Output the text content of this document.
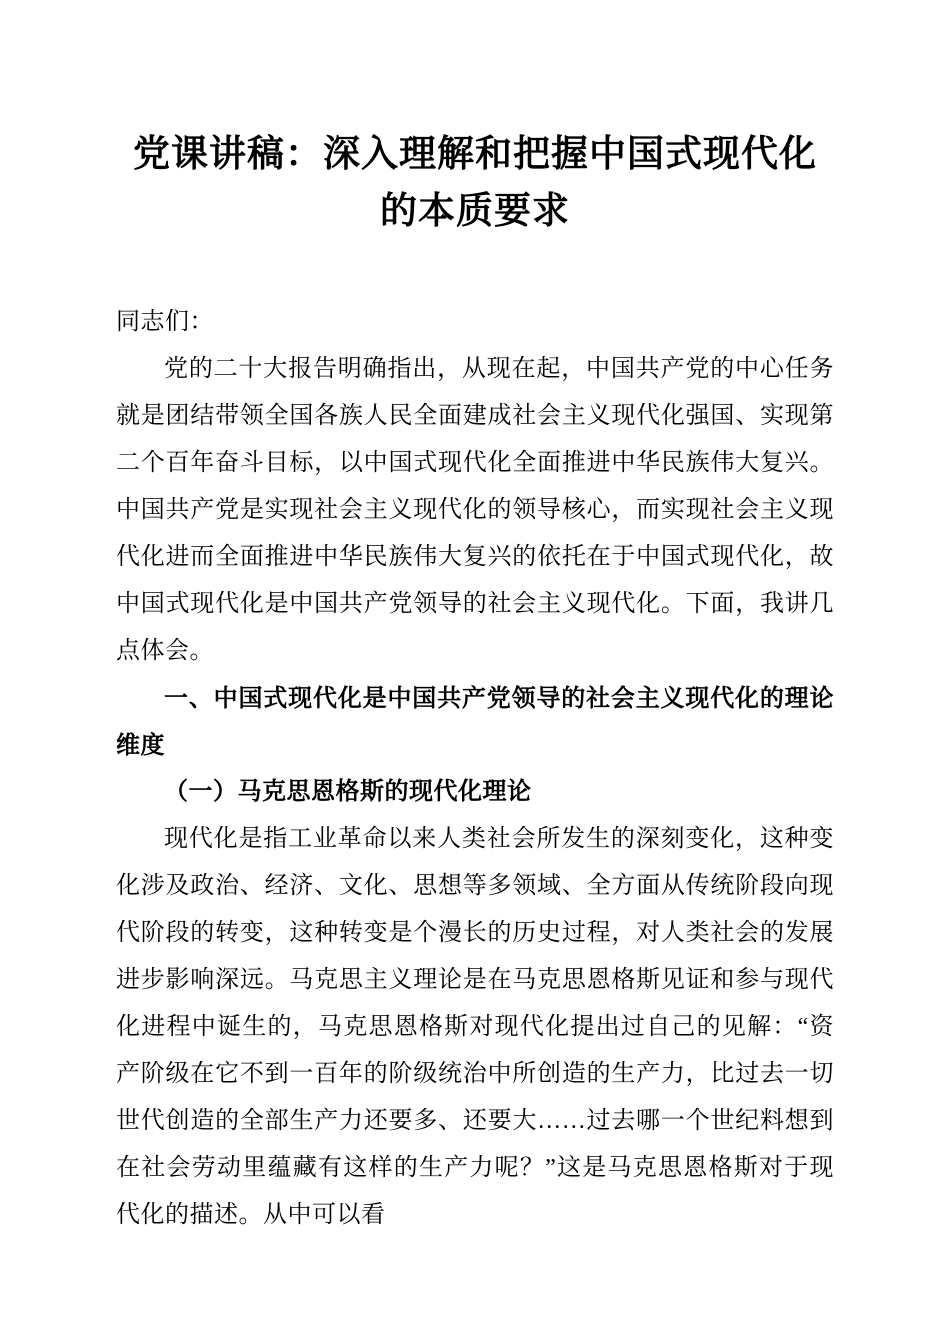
党课讲稿：深入理解和把握中国式现代化的本质要求

同志们：

党的二十大报告明确指出，从现在起，中国共产党的中心任务就是团结带领全国各族人民全面建成社会主义现代化强国、实现第二个百年奋斗目标，以中国式现代化全面推进中华民族伟大复兴。中国共产党是实现社会主义现代化的领导核心，而实现社会主义现代化进而全面推进中华民族伟大复兴的依托在于中国式现代化，故中国式现代化是中国共产党领导的社会主义现代化。下面，我讲几点体会。

一、中国式现代化是中国共产党领导的社会主义现代化的理论维度

（一）马克思恩格斯的现代化理论

现代化是指工业革命以来人类社会所发生的深刻变化，这种变化涉及政治、经济、文化、思想等多领域、全方面从传统阶段向现代阶段的转变，这种转变是个漫长的历史过程，对人类社会的发展进步影响深远。马克思主义理论是在马克思恩格斯见证和参与现代化进程中诞生的，马克思恩格斯对现代化提出过自己的见解：“资产阶级在它不到一百年的阶级统治中所创造的生产力，比过去一切世代创造的全部生产力还要多、还要大……过去哪一个世纪料想到在社会劳动里蕴藏有这样的生产力呢？”这是马克思恩格斯对于现代化的描述。从中可以看
